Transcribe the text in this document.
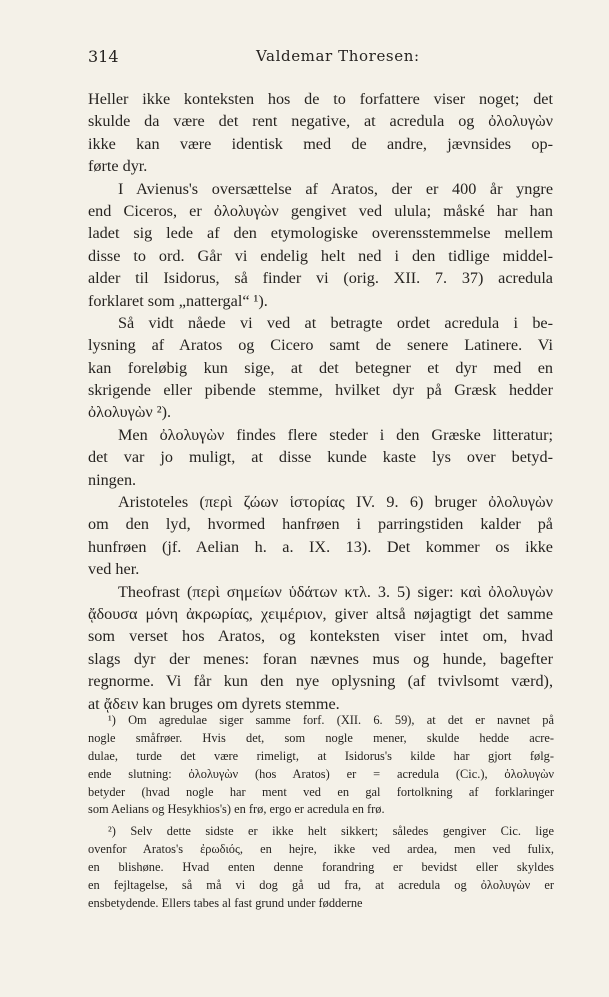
314	Valdemar Thoresen:
Heller ikke konteksten hos de to forfattere viser noget; det
skulde da være det rent negative, at acredula og ὀλολυγὼν
ikke kan være identisk med de andre, jævnsides op-
førte dyr.
I Avienus's oversættelse af Aratos, der er 400 år yngre
end Ciceros, er ὀλολυγὼν gengivet ved ulula; måské har han
ladet sig lede af den etymologiske overensstemmelse mellem
disse to ord. Går vi endelig helt ned i den tidlige middel-
alder til Isidorus, så finder vi (orig. XII. 7. 37) acredula
forklaret som „nattergal“ ¹).
Så vidt nåede vi ved at betragte ordet acredula i be-
lysning af Aratos og Cicero samt de senere Latinere. Vi
kan foreløbig kun sige, at det betegner et dyr med en
skrigende eller pibende stemme, hvilket dyr på Græsk hedder
ὀλολυγὼν ²).
Men ὀλολυγὼν findes flere steder i den Græske litteratur;
det var jo muligt, at disse kunde kaste lys over betyd-
ningen.
Aristoteles (περὶ ζώων ἱστορίας IV. 9. 6) bruger ὀλολυγὼν
om den lyd, hvormed hanfrøen i parringstiden kalder på
hunfrøen (jf. Aelian h. a. IX. 13). Det kommer os ikke
ved her.
Theofrast (περὶ σημείων ὑδάτων κτλ. 3. 5) siger: καὶ ὀλολυγὼν
ᾄδουσα μόνη ἀκρωρίας, χειμέριον, giver altså nøjagtigt det samme
som verset hos Aratos, og konteksten viser intet om, hvad
slags dyr der menes: foran nævnes mus og hunde, bagefter
regnorme. Vi får kun den nye oplysning (af tvivlsomt værd),
at ᾄδειν kan bruges om dyrets stemme.
¹) Om agredulae siger samme forf. (XII. 6. 59), at det er navnet på
nogle småfrøer. Hvis det, som nogle mener, skulde hedde acre-
dulae, turde det være rimeligt, at Isidorus's kilde har gjort følg-
ende slutning: ὀλολυγὼν (hos Aratos) er = acredula (Cic.), ὀλολυγὼν
betyder (hvad nogle har ment ved en gal fortolkning af forklaringer
som Aelians og Hesykhios's) en frø, ergo er acredula en frø.
²) Selv dette sidste er ikke helt sikkert; således gengiver Cic. lige
ovenfor Aratos's ἐρωδιός, en hejre, ikke ved ardea, men ved fulix,
en blishøne. Hvad enten denne forandring er bevidst eller skyldes
en fejltagelse, så må vi dog gå ud fra, at acredula og ὀλολυγὼν er
ensbetydende. Ellers tabes al fast grund under fødderne
